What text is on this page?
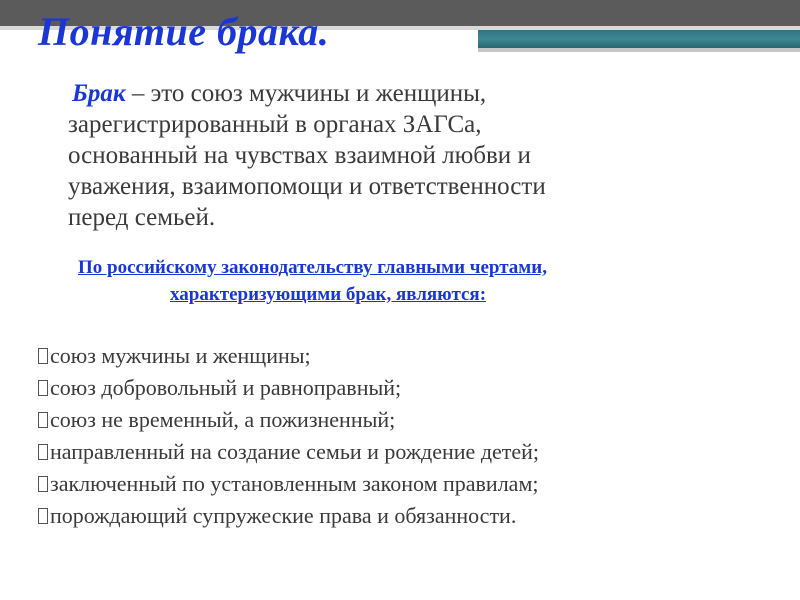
Понятие брака.

Брак – это союз мужчины и женщины,
зарегистрированный в органах ЗАГСа,
основанный на чувствах взаимной любви и
уважения, взаимопомощи и ответственности
перед семьей.

По российскому законодательству главными чертами,
характеризующими брак, являются:

союз мужчины и женщины;
союз добровольный и равноправный;
союз не временный, а пожизненный;
направленный на создание семьи и рождение детей;
заключенный по установленным законом правилам;
порождающий супружеские права и обязанности.
